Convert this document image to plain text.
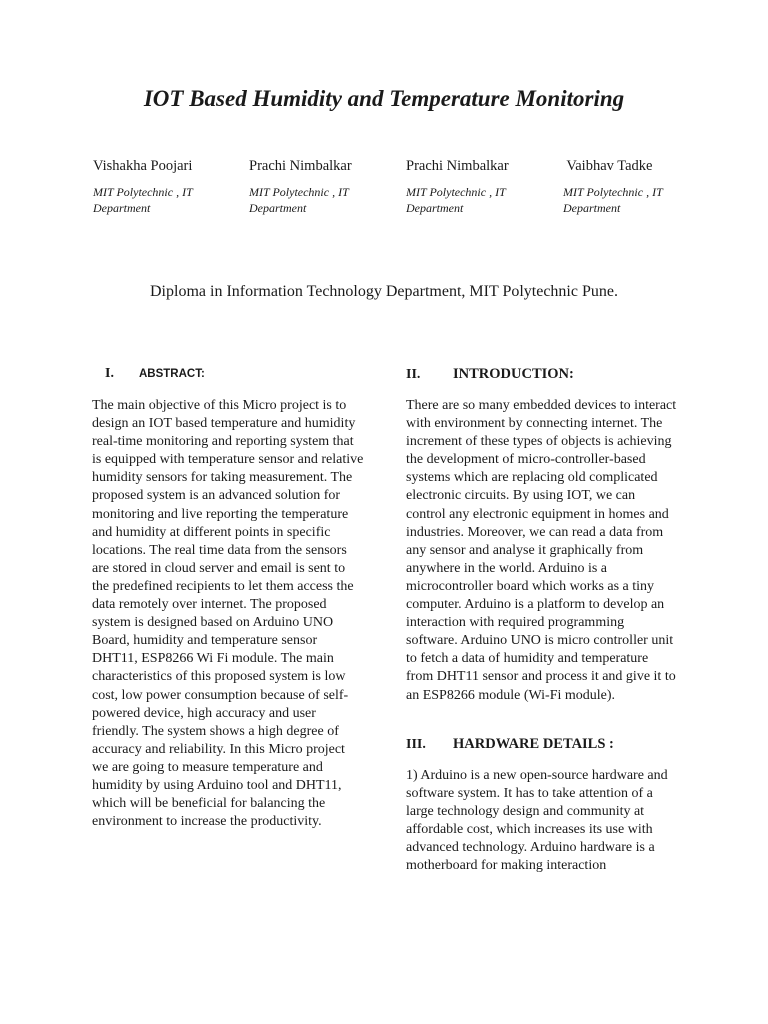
IOT Based Humidity and Temperature Monitoring

Vishakha Poojari

MIT Polytechnic , IT
Department

Prachi Nimbalkar

MIT Polytechnic , IT
Department

Prachi Nimbalkar

MIT Polytechnic , IT
Department

Vaibhav Tadke

MIT Polytechnic , IT
Department

Diploma in Information Technology Department, MIT Polytechnic Pune.

I.	ABSTRACT:

The main objective of this Micro project is to design an IOT based temperature and humidity real-time monitoring and reporting system that is equipped with temperature sensor and relative humidity sensors for taking measurement. The proposed system is an advanced solution for monitoring and live reporting the temperature and humidity at different points in specific locations. The real time data from the sensors are stored in cloud server and email is sent to the predefined recipients to let them access the data remotely over internet. The proposed system is designed based on Arduino UNO Board, humidity and temperature sensor DHT11, ESP8266 Wi Fi module. The main characteristics of this proposed system is low cost, low power consumption because of self-powered device, high accuracy and user friendly. The system shows a high degree of accuracy and reliability. In this Micro project we are going to measure temperature and humidity by using Arduino tool and DHT11, which will be beneficial for balancing the environment to increase the productivity.

II.	INTRODUCTION:

There are so many embedded devices to interact with environment by connecting internet. The increment of these types of objects is achieving the development of micro-controller-based systems which are replacing old complicated electronic circuits. By using IOT, we can control any electronic equipment in homes and industries. Moreover, we can read a data from any sensor and analyse it graphically from anywhere in the world. Arduino is a microcontroller board which works as a tiny computer. Arduino is a platform to develop an interaction with required programming software. Arduino UNO is micro controller unit to fetch a data of humidity and temperature from DHT11 sensor and process it and give it to an ESP8266 module (Wi-Fi module).

III.	HARDWARE DETAILS :

1) Arduino is a new open-source hardware and software system. It has to take attention of a large technology design and community at affordable cost, which increases its use with advanced technology. Arduino hardware is a motherboard for making interaction
